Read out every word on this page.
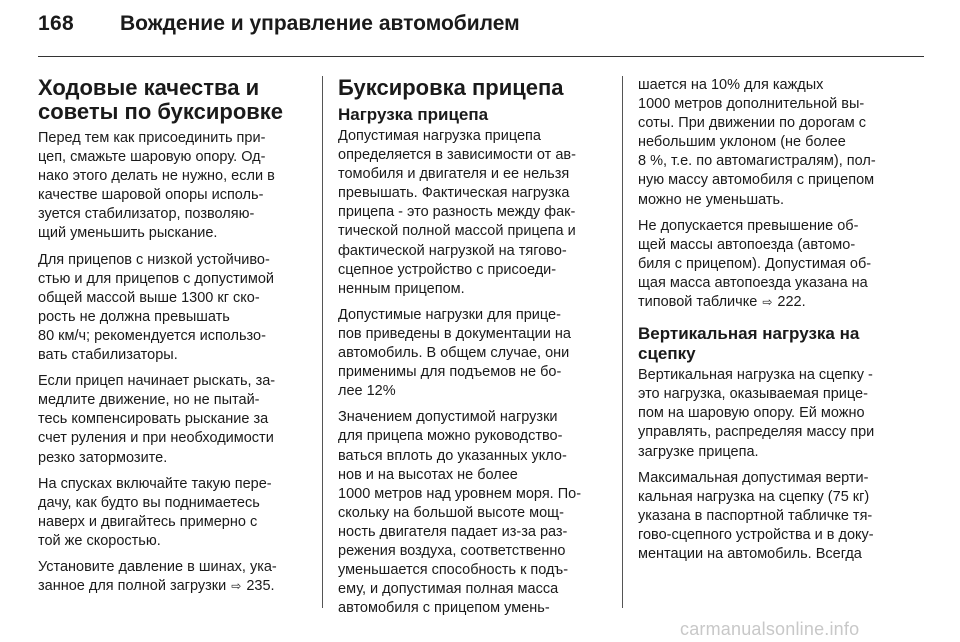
168 Вождение и управление автомобилем
Ходовые качества и
советы по буксировке

Перед тем как присоединить при-
цеп, смажьте шаровую опору. Од-
нако этого делать не нужно, если в
качестве шаровой опоры исполь-
зуется стабилизатор, позволяю-
щий уменьшить рыскание.

Для прицепов с низкой устойчиво-
стью и для прицепов с допустимой
общей массой выше 1300 кг ско-
рость не должна превышать
80 км/ч; рекомендуется использо-
вать стабилизаторы.

Если прицеп начинает рыскать, за-
медлите движение, но не пытай-
тесь компенсировать рыскание за
счет руления и при необходимости
резко затормозите.

На спусках включайте такую пере-
дачу, как будто вы поднимаетесь
наверх и двигайтесь примерно с
той же скоростью.

Установите давление в шинах, ука-
занное для полной загрузки ⇨ 235.

Буксировка прицепа
Нагрузка прицепа

Допустимая нагрузка прицепа
определяется в зависимости от ав-
томобиля и двигателя и ее нельзя
превышать. Фактическая нагрузка
прицепа - это разность между фак-
тической полной массой прицепа и
фактической нагрузкой на тягово-
сцепное устройство с присоеди-
ненным прицепом.

Допустимые нагрузки для прице-
пов приведены в документации на
автомобиль. В общем случае, они
применимы для подъемов не бо-
лее 12%

Значением допустимой нагрузки
для прицепа можно руководство-
ваться вплоть до указанных укло-
нов и на высотах не более
1000 метров над уровнем моря. По-
скольку на большой высоте мощ-
ность двигателя падает из-за раз-
режения воздуха, соответственно
уменьшается способность к подъ-
ему, и допустимая полная масса
автомобиля с прицепом умень-

шается на 10% для каждых
1000 метров дополнительной вы-
соты. При движении по дорогам с
небольшим уклоном (не более
8 %, т.е. по автомагистралям), пол-
ную массу автомобиля с прицепом
можно не уменьшать.

Не допускается превышение об-
щей массы автопоезда (автомо-
биля с прицепом). Допустимая об-
щая масса автопоезда указана на
типовой табличке ⇨ 222.

Вертикальная нагрузка на
сцепку

Вертикальная нагрузка на сцепку -
это нагрузка, оказываемая прице-
пом на шаровую опору. Ей можно
управлять, распределяя массу при
загрузке прицепа.

Максимальная допустимая верти-
кальная нагрузка на сцепку (75 кг)
указана в паспортной табличке тя-
гово-сцепного устройства и в доку-
ментации на автомобиль. Всегда

carmanualsonline.info
